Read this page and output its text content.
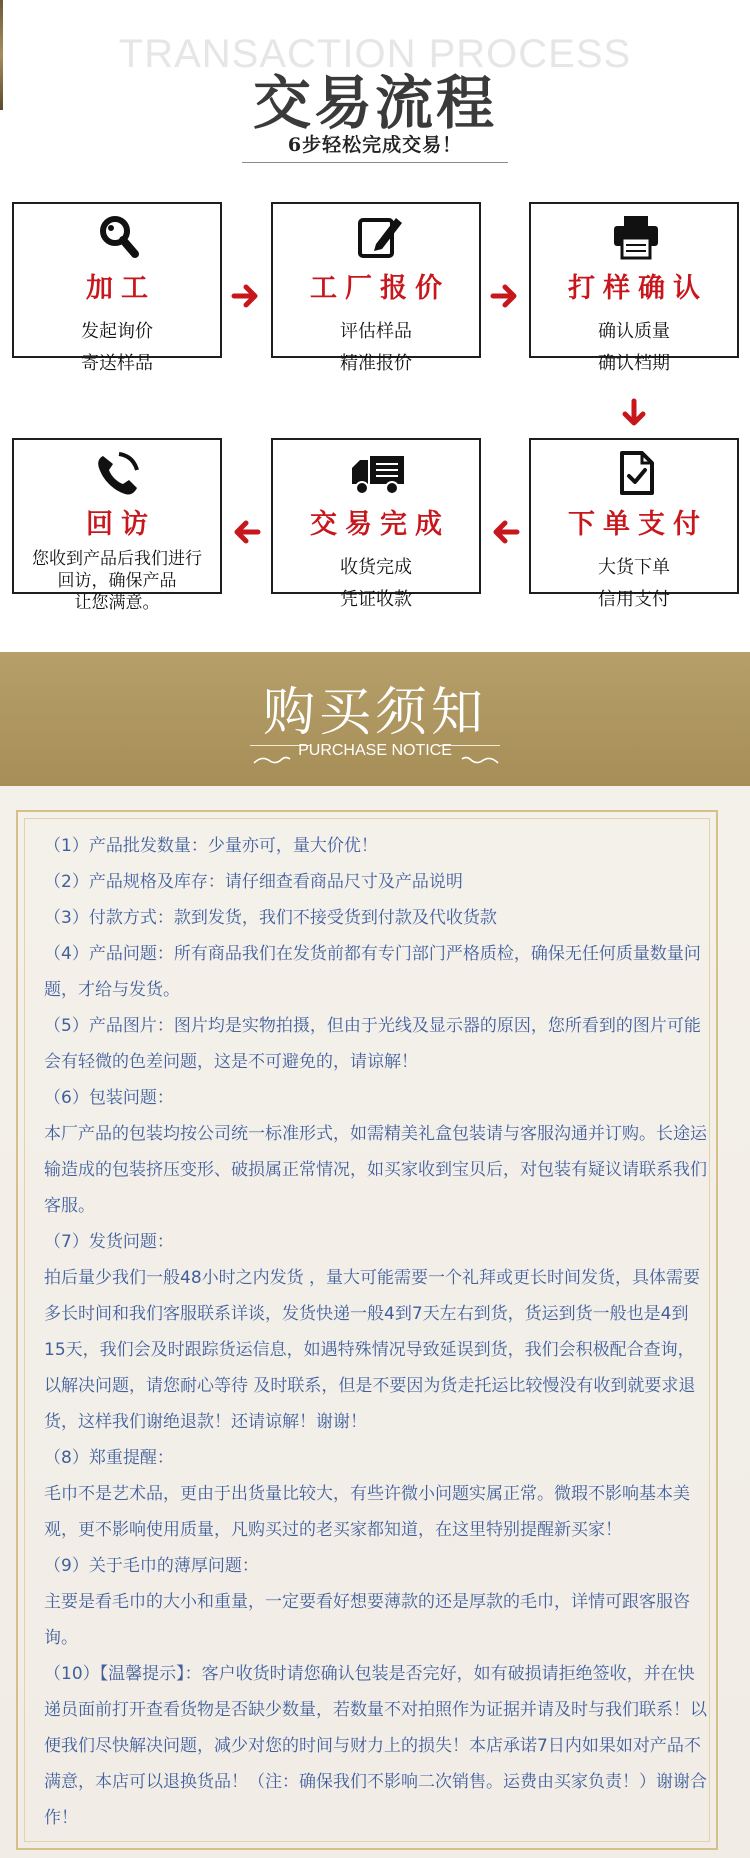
TRANSACTION PROCESS
交易流程
6步轻松完成交易！
加工
发起询价
寄送样品
工厂报价
评估样品
精准报价
打样确认
确认质量
确认档期
回访
您收到产品后我们进行
回访，确保产品
让您满意。
交易完成
收货完成
凭证收款
下单支付
大货下单
信用支付
购买须知
PURCHASE NOTICE

（1）产品批发数量：少量亦可，量大价优！

（2）产品规格及库存：请仔细查看商品尺寸及产品说明

（3）付款方式：款到发货，我们不接受货到付款及代收货款

（4）产品问题：所有商品我们在发货前都有专门部门严格质检，确保无任何质量数量问题，才给与发货。

（5）产品图片：图片均是实物拍摄，但由于光线及显示器的原因，您所看到的图片可能会有轻微的色差问题，这是不可避免的，请谅解！

（6）包装问题：

本厂产品的包装均按公司统一标准形式，如需精美礼盒包装请与客服沟通并订购。长途运输造成的包装挤压变形、破损属正常情况，如买家收到宝贝后，对包装有疑议请联系我们客服。

（7）发货问题：

拍后量少我们一般48小时之内发货 ，量大可能需要一个礼拜或更长时间发货，具体需要多长时间和我们客服联系详谈，发货快递一般4到7天左右到货，货运到货一般也是4到15天，我们会及时跟踪货运信息，如遇特殊情况导致延误到货，我们会积极配合查询，以解决问题，请您耐心等待 及时联系，但是不要因为货走托运比较慢没有收到就要求退货，这样我们谢绝退款！还请谅解！谢谢！

（8）郑重提醒：

毛巾不是艺术品，更由于出货量比较大，有些许微小问题实属正常。微瑕不影响基本美观，更不影响使用质量，凡购买过的老买家都知道，在这里特别提醒新买家！

（9）关于毛巾的薄厚问题：

主要是看毛巾的大小和重量，一定要看好想要薄款的还是厚款的毛巾，详情可跟客服咨询。

（10）【温馨提示】：客户收货时请您确认包装是否完好，如有破损请拒绝签收，并在快递员面前打开查看货物是否缺少数量，若数量不对拍照作为证据并请及时与我们联系！以便我们尽快解决问题，减少对您的时间与财力上的损失！本店承诺7日内如果如对产品不满意，本店可以退换货品！（注：确保我们不影响二次销售。运费由买家负责！）谢谢合作！
